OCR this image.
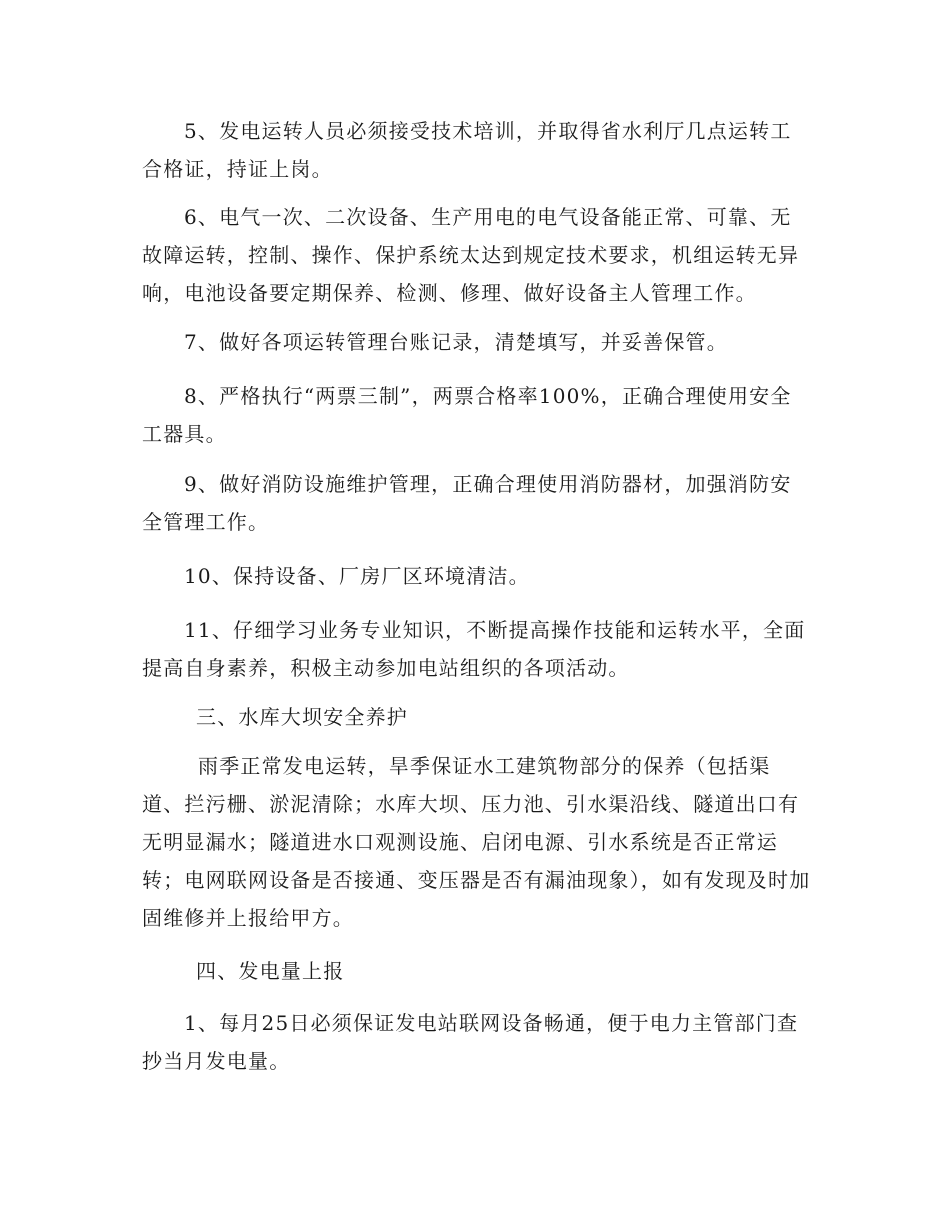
5、发电运转人员必须接受技术培训，并取得省水利厅几点运转工合格证，持证上岗。

6、电气一次、二次设备、生产用电的电气设备能正常、可靠、无故障运转，控制、操作、保护系统太达到规定技术要求，机组运转无异响，电池设备要定期保养、检测、修理、做好设备主人管理工作。

7、做好各项运转管理台账记录，清楚填写，并妥善保管。

8、严格执行“两票三制”，两票合格率100%，正确合理使用安全工器具。

9、做好消防设施维护管理，正确合理使用消防器材，加强消防安全管理工作。

10、保持设备、厂房厂区环境清洁。

11、仔细学习业务专业知识，不断提高操作技能和运转水平，全面提高自身素养，积极主动参加电站组织的各项活动。

三、水库大坝安全养护

雨季正常发电运转，旱季保证水工建筑物部分的保养（包括渠道、拦污栅、淤泥清除；水库大坝、压力池、引水渠沿线、隧道出口有无明显漏水；隧道进水口观测设施、启闭电源、引水系统是否正常运转；电网联网设备是否接通、变压器是否有漏油现象），如有发现及时加固维修并上报给甲方。

四、发电量上报

1、每月25日必须保证发电站联网设备畅通，便于电力主管部门查抄当月发电量。
